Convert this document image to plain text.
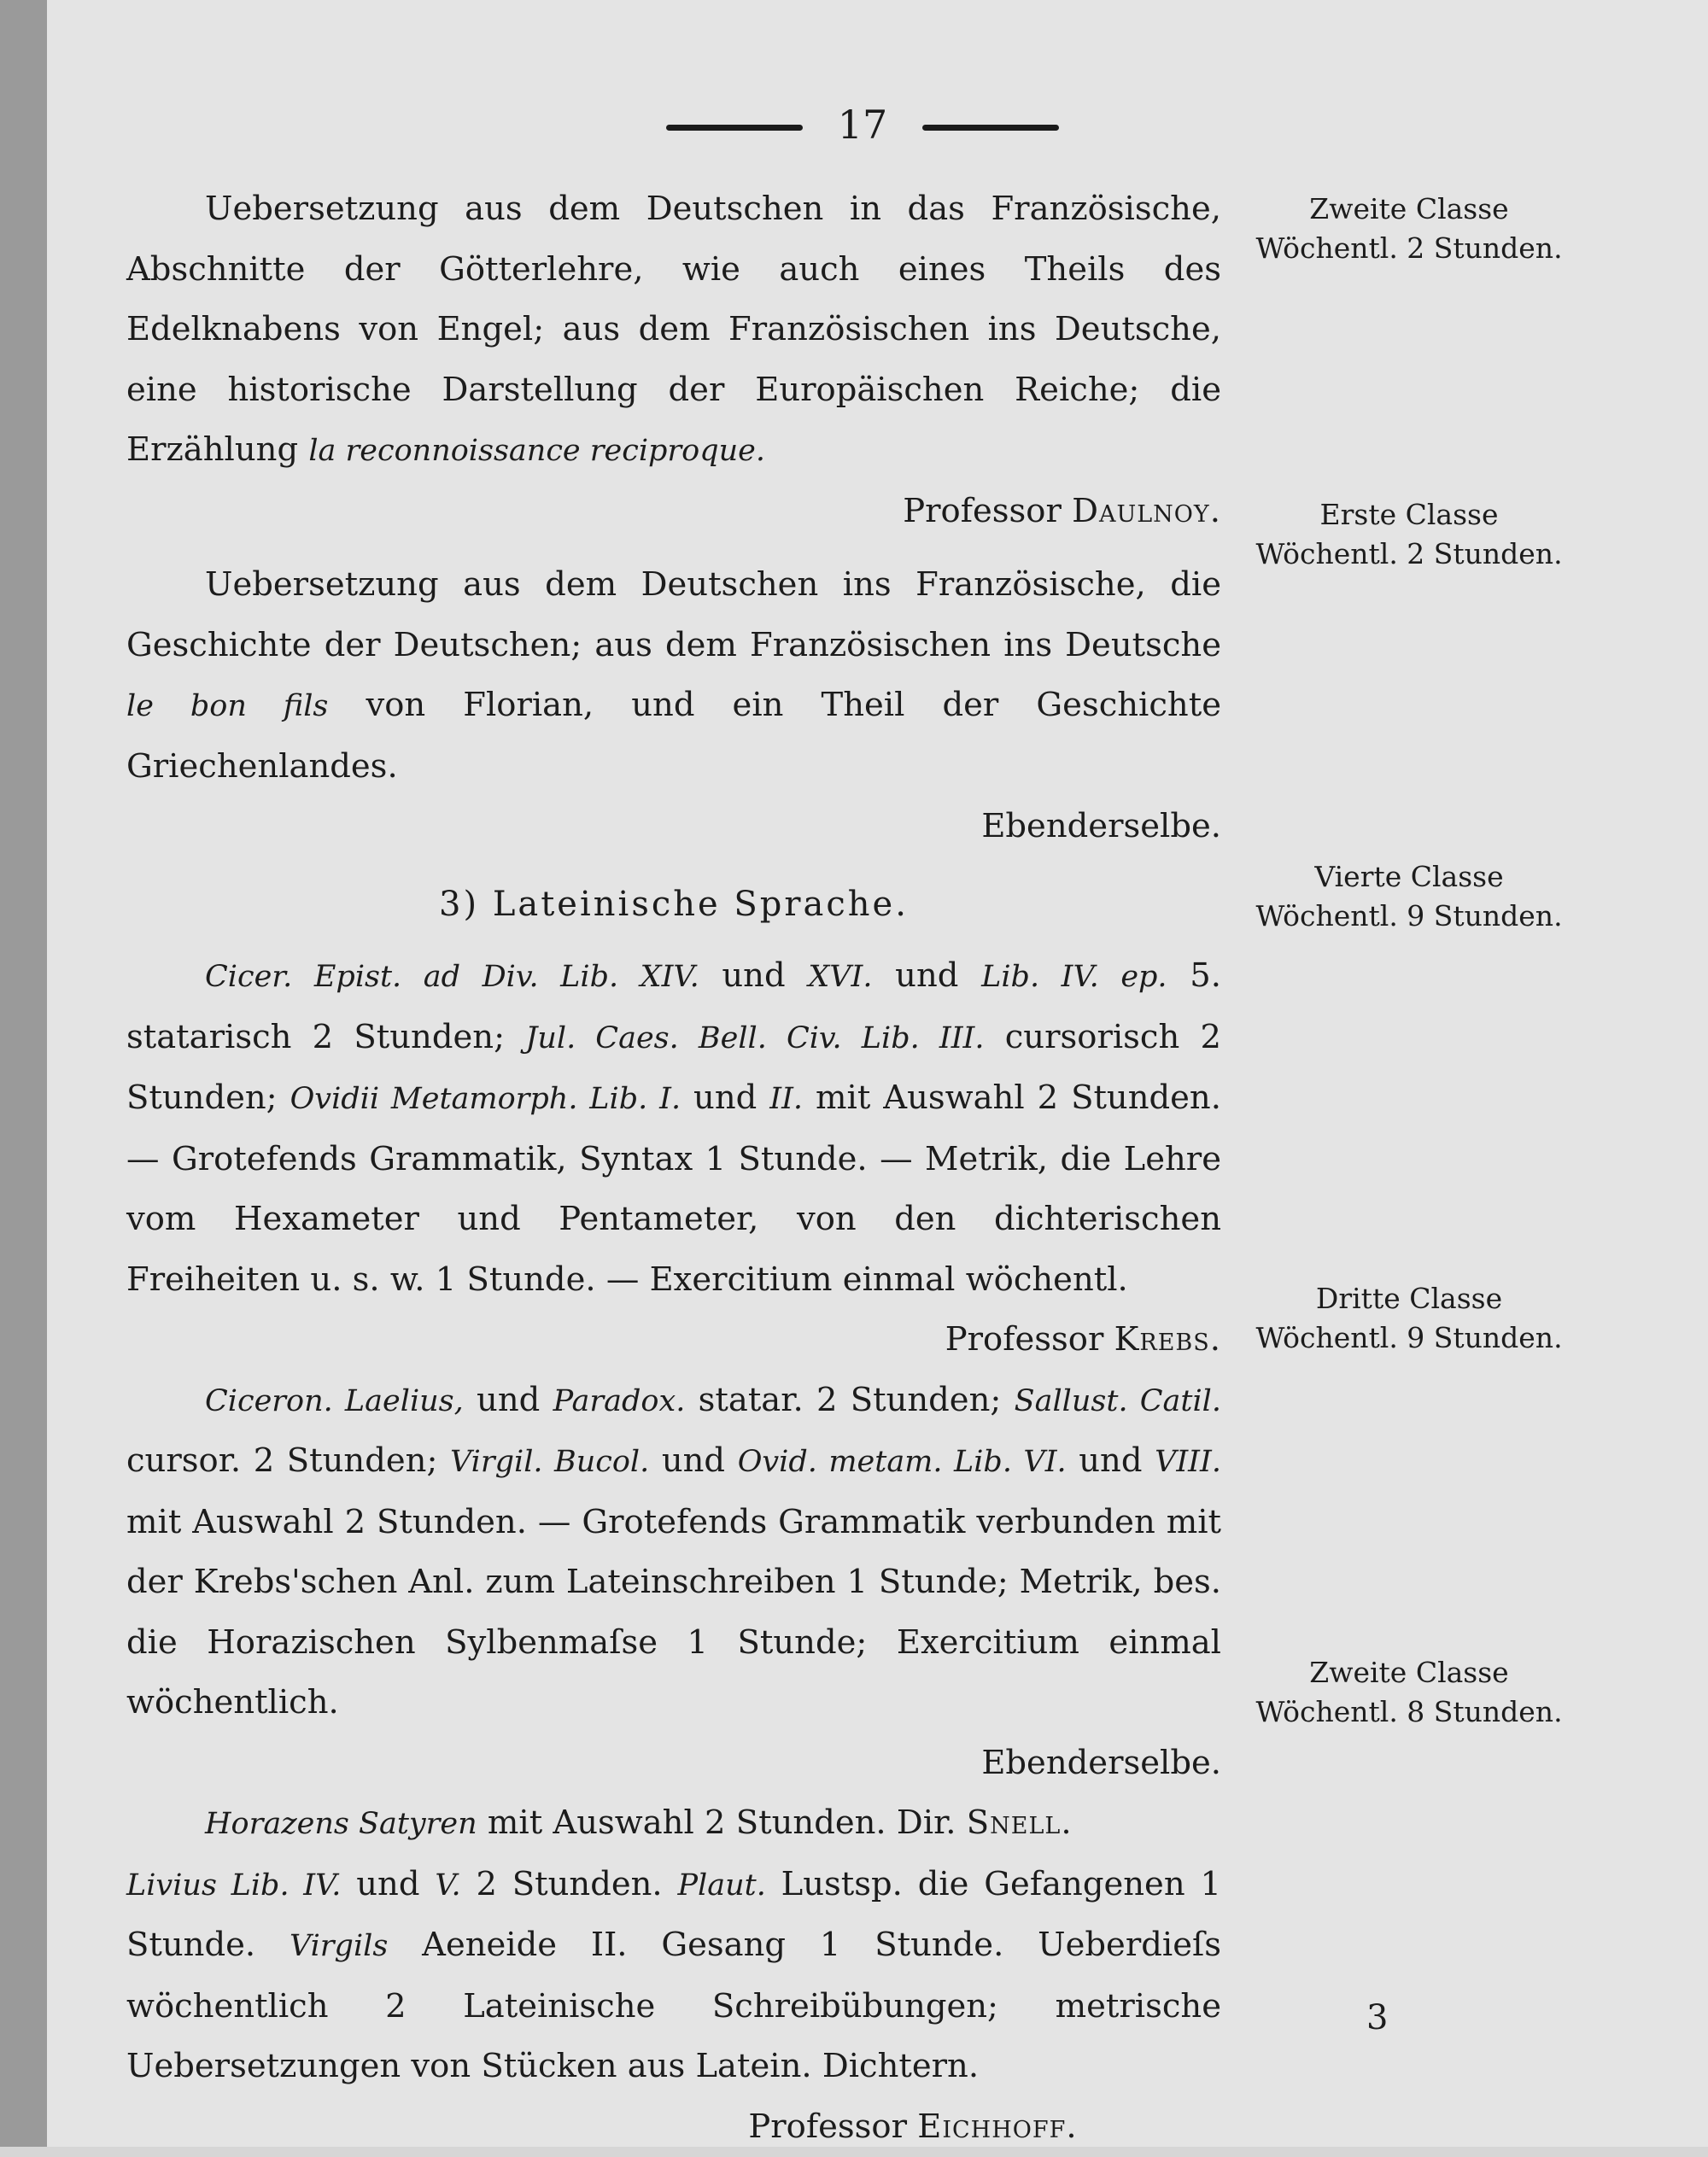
17

Uebersetzung aus dem Deutschen in das Französische, Abschnitte der Götterlehre, wie auch eines Theils des Edelknabens von Engel; aus dem Französischen ins Deutsche, eine historische Darstellung der Europäischen Reiche; die Erzählung la reconnoissance reciproque.

Professor Daulnoy.

Uebersetzung aus dem Deutschen ins Französische, die Geschichte der Deutschen; aus dem Französischen ins Deutsche le bon fils von Florian, und ein Theil der Geschichte Griechenlandes.

Ebenderselbe.

3) Lateinische Sprache.

Cicer. Epist. ad Div. Lib. XIV. und XVI. und Lib. IV. ep. 5. statarisch 2 Stunden; Jul. Caes. Bell. Civ. Lib. III. cursorisch 2 Stunden; Ovidii Metamorph. Lib. I. und II. mit Auswahl 2 Stunden. — Grotefends Grammatik, Syntax 1 Stunde. — Metrik, die Lehre vom Hexameter und Pentameter, von den dichterischen Freiheiten u. s. w. 1 Stunde. — Exercitium einmal wöchentl.

Professor Krebs.

Ciceron. Laelius, und Paradox. statar. 2 Stunden; Sallust. Catil. cursor. 2 Stunden; Virgil. Bucol. und Ovid. metam. Lib. VI. und VIII. mit Auswahl 2 Stunden. — Grotefends Grammatik verbunden mit der Krebs'schen Anl. zum Lateinschreiben 1 Stunde; Metrik, bes. die Horazischen Sylbenmaſse 1 Stunde; Exercitium einmal wöchentlich.

Ebenderselbe.

Horazens Satyren mit Auswahl 2 Stunden. Dir. Snell.

Livius Lib. IV. und V. 2 Stunden. Plaut. Lustsp. die Gefangenen 1 Stunde. Virgils Aeneide II. Gesang 1 Stunde. Ueberdieſs wöchentlich 2 Lateinische Schreibübungen; metrische Uebersetzungen von Stücken aus Latein. Dichtern.

Professor Eichhoff.

Zweite Classe
Wöchentl. 2 Stunden.
Erste Classe
Wöchentl. 2 Stunden.
Vierte Classe
Wöchentl. 9 Stunden.
Dritte Classe
Wöchentl. 9 Stunden.
Zweite Classe
Wöchentl. 8 Stunden.
3
